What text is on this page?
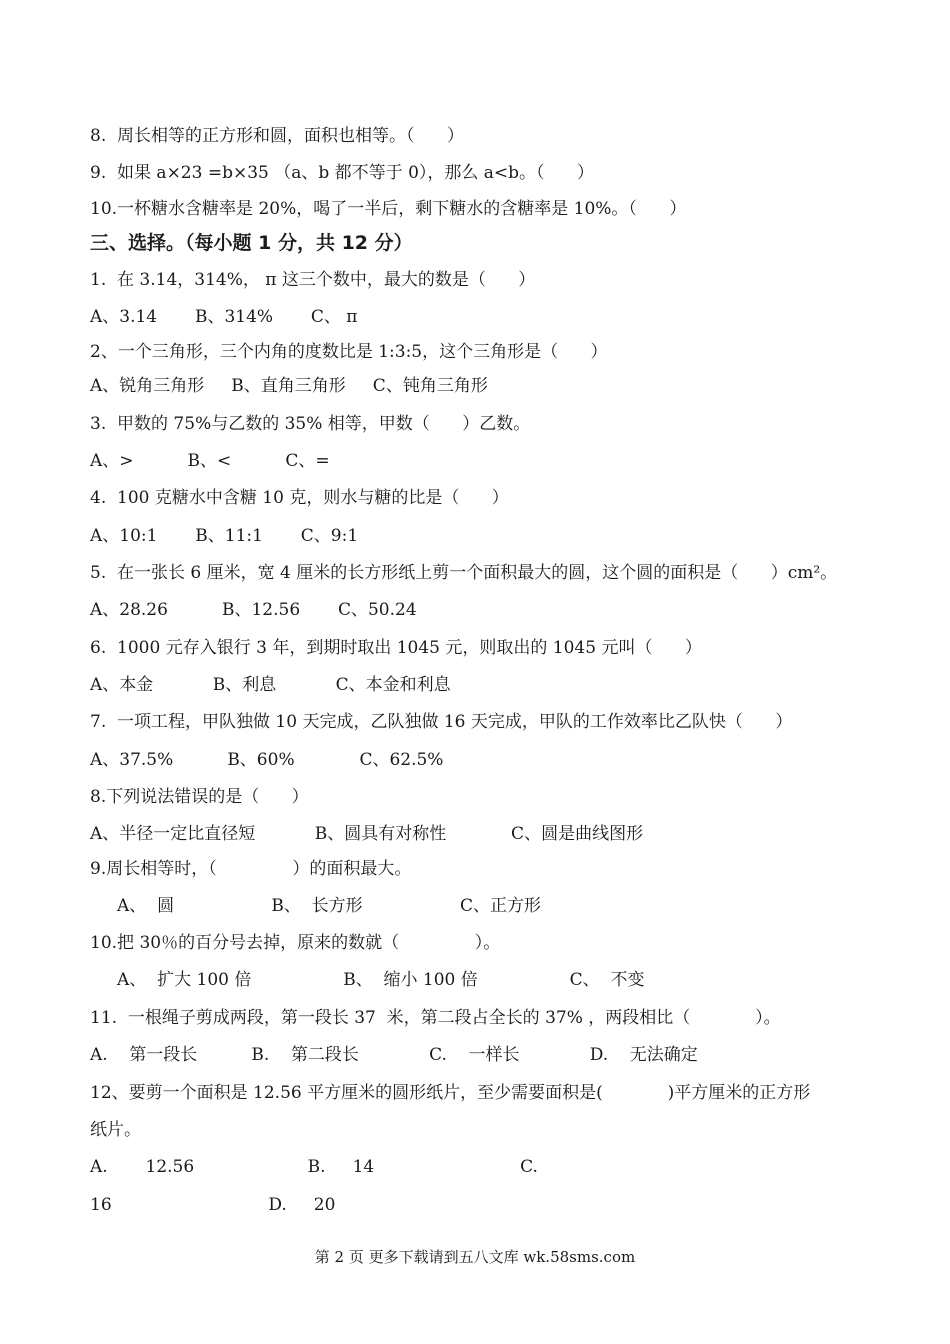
8.  周长相等的正方形和圆，面积也相等。（      ）
9.  如果 a×23 =b×35 （a、b 都不等于 0），那么 a<b。（      ）
10.一杯糖水含糖率是 20%，喝了一半后，剩下糖水的含糖率是 10%。（      ）
三、选择。（每小题 1 分，共 12 分）
1.  在 3.14，314%， π 这三个数中，最大的数是（      ）
A、3.14       B、314%       C、 π
2、一个三角形，三个内角的度数比是 1:3:5，这个三角形是（      ）
A、锐角三角形     B、直角三角形     C、钝角三角形
3.  甲数的 75%与乙数的 35% 相等，甲数（      ）乙数。
A、>          B、<          C、=
4.  100 克糖水中含糖 10 克，则水与糖的比是（      ）
A、10:1       B、11:1       C、9:1
5.  在一张长 6 厘米，宽 4 厘米的长方形纸上剪一个面积最大的圆，这个圆的面积是（      ）cm²。
A、28.26          B、12.56       C、50.24
6.  1000 元存入银行 3 年，到期时取出 1045 元，则取出的 1045 元叫（      ）
A、本金           B、利息           C、本金和利息
7.  一项工程，甲队独做 10 天完成，乙队独做 16 天完成，甲队的工作效率比乙队快（      ）
A、37.5%          B、60%            C、62.5%
8.下列说法错误的是（      ）
A、半径一定比直径短           B、圆具有对称性            C、圆是曲线图形
9.周长相等时，（              ）的面积最大。
A、  圆                  B、  长方形                  C、正方形
10.把 30％的百分号去掉，原来的数就（              ）。
A、  扩大 100 倍                 B、  缩小 100 倍                 C、  不变
11.  一根绳子剪成两段，第一段长 37  米，第二段占全长的 37% ，两段相比（            ）。
A.    第一段长          B.    第二段长             C.    一样长             D.    无法确定
12、要剪一个面积是 12.56 平方厘米的圆形纸片，至少需要面积是(            )平方厘米的正方形
纸片。
A.       12.56                     B.     14                           C.
16                             D.     20
第 2 页 更多下载请到五八文库 wk.58sms.com
